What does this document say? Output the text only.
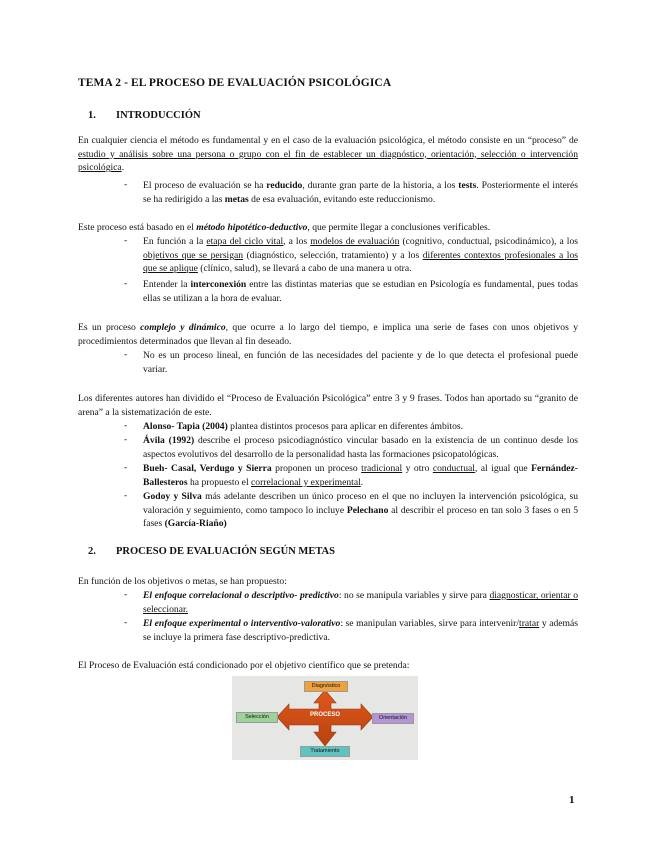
TEMA 2 - EL PROCESO DE EVALUACIÓN PSICOLÓGICA
1. INTRODUCCIÓN
En cualquier ciencia el método es fundamental y en el caso de la evaluación psicológica, el método consiste en un “proceso” de estudio y análisis sobre una persona o grupo con el fin de establecer un diagnóstico, orientación, selección o intervención psicológica.
- El proceso de evaluación se ha reducido, durante gran parte de la historia, a los tests. Posteriormente el interés se ha redirigido a las metas de esa evaluación, evitando este reduccionismo.
Este proceso está basado en el método hipotético-deductivo, que permite llegar a conclusiones verificables.
- En función a la etapa del ciclo vital, a los modelos de evaluación (cognitivo, conductual, psicodinámico), a los objetivos que se persigan (diagnóstico, selección, tratamiento) y a los diferentes contextos profesionales a los que se aplique (clínico, salud), se llevará a cabo de una manera u otra.
- Entender la interconexión entre las distintas materias que se estudian en Psicología es fundamental, pues todas ellas se utilizan a la hora de evaluar.
Es un proceso complejo y dinámico, que ocurre a lo largo del tiempo, e implica una serie de fases con unos objetivos y procedimientos determinados que llevan al fin deseado.
- No es un proceso lineal, en función de las necesidades del paciente y de lo que detecta el profesional puede variar.
Los diferentes autores han dividido el “Proceso de Evaluación Psicológica” entre 3 y 9 frases. Todos han aportado su “granito de arena” a la sistematización de este.
- Alonso- Tapia (2004) plantea distintos procesos para aplicar en diferentes ámbitos.
- Ávila (1992) describe el proceso psicodiagnóstico vincular basado en la existencia de un continuo desde los aspectos evolutivos del desarrollo de la personalidad hasta las formaciones psicopatológicas.
- Bueh- Casal, Verdugo y Sierra proponen un proceso tradicional y otro conductual, al igual que Fernández-Ballesteros ha propuesto el correlacional y experimental.
- Godoy y Silva más adelante describen un único proceso en el que no incluyen la intervención psicológica, su valoración y seguimiento, como tampoco lo incluye Pelechano al describir el proceso en tan solo 3 fases o en 5 fases (García-Riaño)
2. PROCESO DE EVALUACIÓN SEGÚN METAS
En función de los objetivos o metas, se han propuesto:
- El enfoque correlacional o descriptivo- predictivo: no se manipula variables y sirve para diagnosticar, orientar o seleccionar.
- El enfoque experimental o interventivo-valorativo: se manipulan variables, sirve para intervenir/tratar y además se incluye la primera fase descriptivo-predictiva.
El Proceso de Evaluación está condicionado por el objetivo científico que se pretenda:
Diagnóstico
Selección	Orientación
Tratamiento
PROCESO
1
